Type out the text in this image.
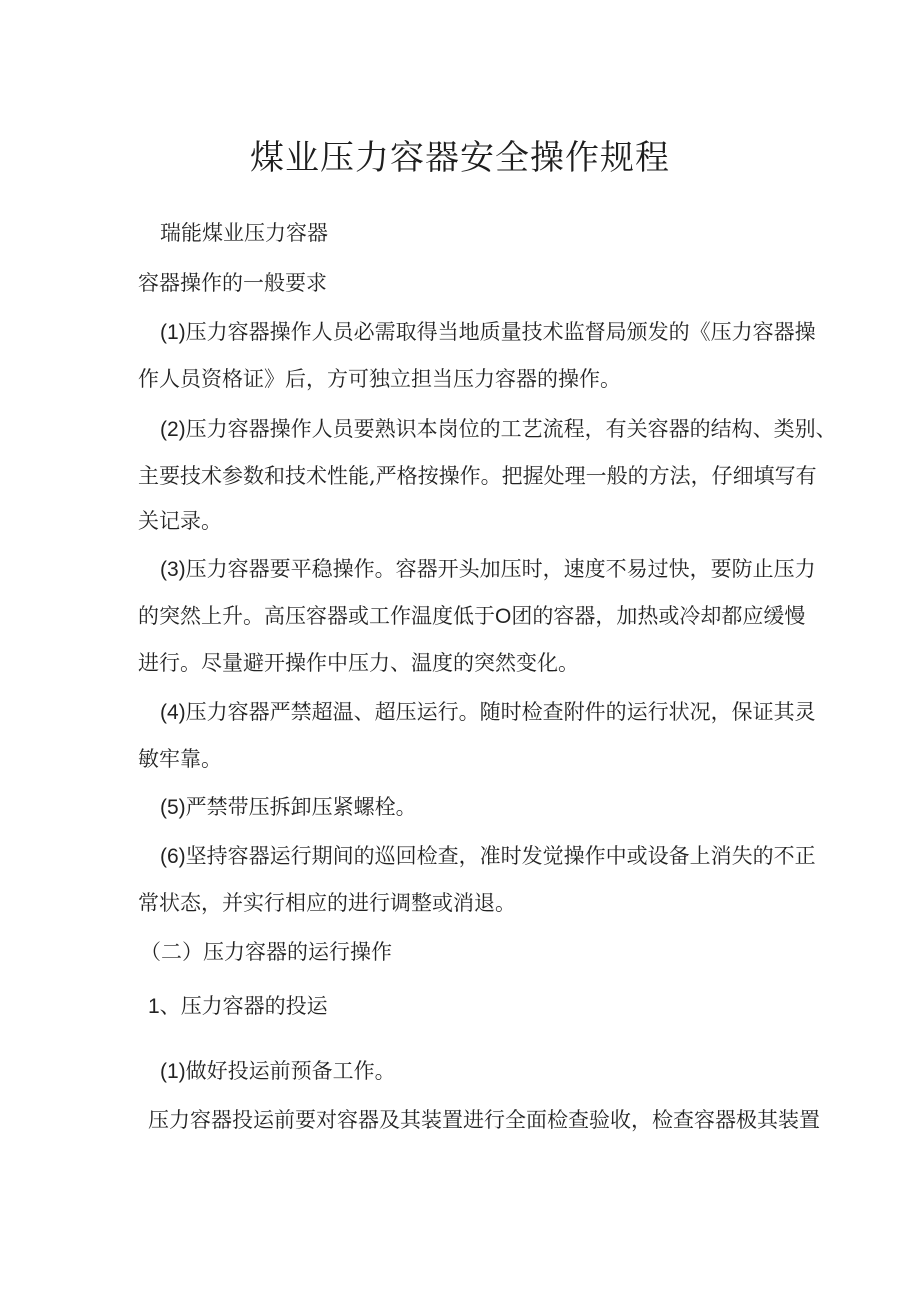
煤业压力容器安全操作规程
瑞能煤业压力容器
容器操作的一般要求
(1)压力容器操作人员必需取得当地质量技术监督局颁发的《压力容器操
作人员资格证》后，方可独立担当压力容器的操作。
(2)压力容器操作人员要熟识本岗位的工艺流程，有关容器的结构、类别、
主要技术参数和技术性能,严格按操作。把握处理一般的方法，仔细填写有
关记录。
(3)压力容器要平稳操作。容器开头加压时，速度不易过快，要防止压力
的突然上升。高压容器或工作温度低于O团的容器，加热或冷却都应缓慢
进行。尽量避开操作中压力、温度的突然变化。
(4)压力容器严禁超温、超压运行。随时检查附件的运行状况，保证其灵
敏牢靠。
(5)严禁带压拆卸压紧螺栓。
(6)坚持容器运行期间的巡回检查，准时发觉操作中或设备上消失的不正
常状态，并实行相应的进行调整或消退。
（二）压力容器的运行操作
1、压力容器的投运
(1)做好投运前预备工作。
压力容器投运前要对容器及其装置进行全面检查验收，检查容器极其装置
